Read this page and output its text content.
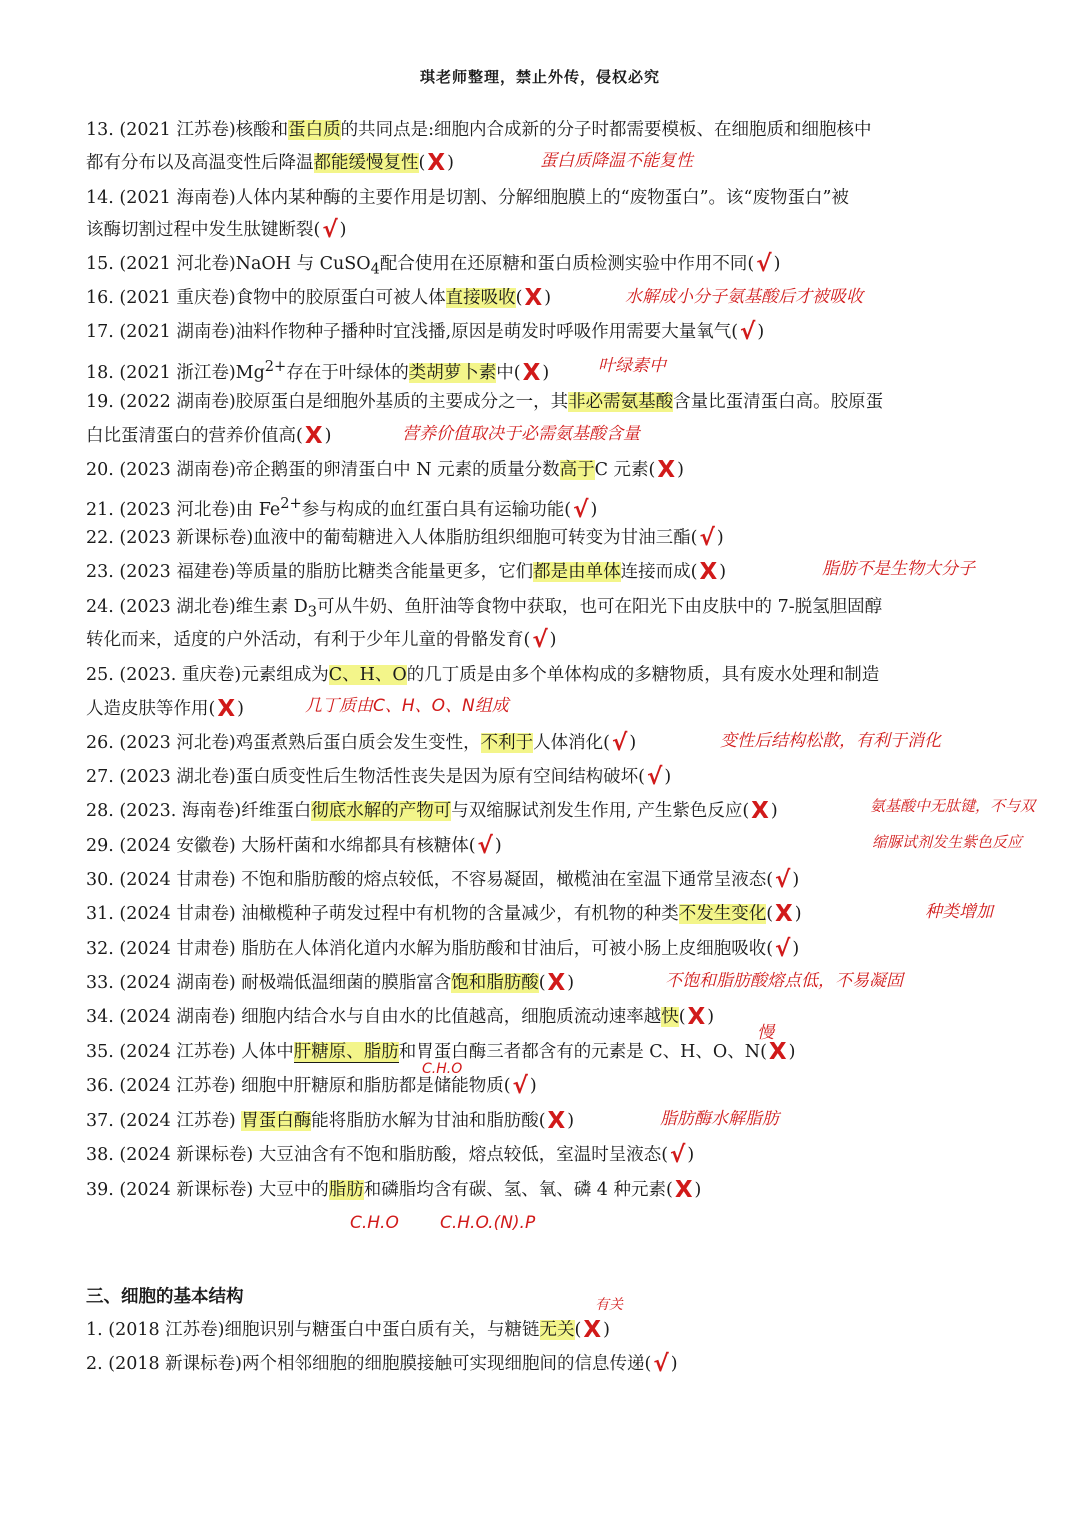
琪老师整理，禁止外传，侵权必究
13. (2021 江苏卷)核酸和蛋白质的共同点是:细胞内合成新的分子时都需要模板、在细胞质和细胞核中
都有分布以及高温变性后降温都能缓慢复性(X )	蛋白质降温不能复性
14. (2021 海南卷)人体内某种酶的主要作用是切割、分解细胞膜上的“废物蛋白”。该“废物蛋白”被
该酶切割过程中发生肽键断裂(√ )
15. (2021 河北卷)NaOH 与 CuSO$_4$配合使用在还原糖和蛋白质检测实验中作用不同(√ )
16. (2021 重庆卷)食物中的胶原蛋白可被人体直接吸收(X )	水解成小分子氨基酸后才被吸收
17. (2021 湖南卷)油料作物种子播种时宜浅播,原因是萌发时呼吸作用需要大量氧气(√ )
18. (2021 浙江卷)$Mg^{2+}$存在于叶绿体的类胡萝卜素中(X )	叶绿素中
19. (2022 湖南卷)胶原蛋白是细胞外基质的主要成分之一，其非必需氨基酸含量比蛋清蛋白高。胶原蛋
白比蛋清蛋白的营养价值高(X )	营养价值取决于必需氨基酸含量
20. (2023 湖南卷)帝企鹅蛋的卵清蛋白中 N 元素的质量分数高于C 元素(X )
21. (2023 河北卷)由 $Fe^{2+}$参与构成的血红蛋白具有运输功能(√ )
22. (2023 新课标卷)血液中的葡萄糖进入人体脂肪组织细胞可转变为甘油三酯(√ )
23. (2023 福建卷)等质量的脂肪比糖类含能量更多，它们都是由单体连接而成(X )	脂肪不是生物大分子
24. (2023 湖北卷)维生素 $D_3$可从牛奶、鱼肝油等食物中获取，也可在阳光下由皮肤中的 7-脱氢胆固醇
转化而来，适度的户外活动，有利于少年儿童的骨骼发育(√ )
25. (2023. 重庆卷)元素组成为C、H、O的几丁质是由多个单体构成的多糖物质，具有废水处理和制造
人造皮肤等作用(X )	几丁质由C、H、O、N组成
26. (2023 河北卷)鸡蛋煮熟后蛋白质会发生变性，不利于人体消化(√ )	变性后结构松散，有利于消化
27. (2023 湖北卷)蛋白质变性后生物活性丧失是因为原有空间结构破坏(√ )
28. (2023. 海南卷)纤维蛋白彻底水解的产物可与双缩脲试剂发生作用, 产生紫色反应(X )	氨基酸中无肽键，不与双
缩脲试剂发生紫色反应
29. (2024 安徽卷) 大肠杆菌和水绵都具有核糖体(√ )
30. (2024 甘肃卷) 不饱和脂肪酸的熔点较低，不容易凝固，橄榄油在室温下通常呈液态(√ )
31. (2024 甘肃卷) 油橄榄种子萌发过程中有机物的含量减少，有机物的种类不发生变化(X )	种类增加
32. (2024 甘肃卷) 脂肪在人体消化道内水解为脂肪酸和甘油后，可被小肠上皮细胞吸收(√ )
33. (2024 湖南卷) 耐极端低温细菌的膜脂富含饱和脂肪酸(X )	不饱和脂肪酸熔点低，不易凝固
34. (2024 湖南卷) 细胞内结合水与自由水的比值越高，细胞质流动速率越快(X )
慢
35. (2024 江苏卷) 人体中肝糖原、脂肪和胃蛋白酶三者都含有的元素是 C、H、O、N(X )
C.H.O
36. (2024 江苏卷) 细胞中肝糖原和脂肪都是储能物质(√ )
37. (2024 江苏卷) 胃蛋白酶能将脂肪水解为甘油和脂肪酸(X )	脂肪酶水解脂肪
38. (2024 新课标卷) 大豆油含有不饱和脂肪酸，熔点较低，室温时呈液态(√ )
39. (2024 新课标卷) 大豆中的脂肪和磷脂均含有碳、氢、氧、磷 4 种元素(X )
C.H.O C.H.O.(N).P
三、细胞的基本结构
1. (2018 江苏卷)细胞识别与糖蛋白中蛋白质有关，与糖链无关(X )
有关
2. (2018 新课标卷)两个相邻细胞的细胞膜接触可实现细胞间的信息传递(√ )
